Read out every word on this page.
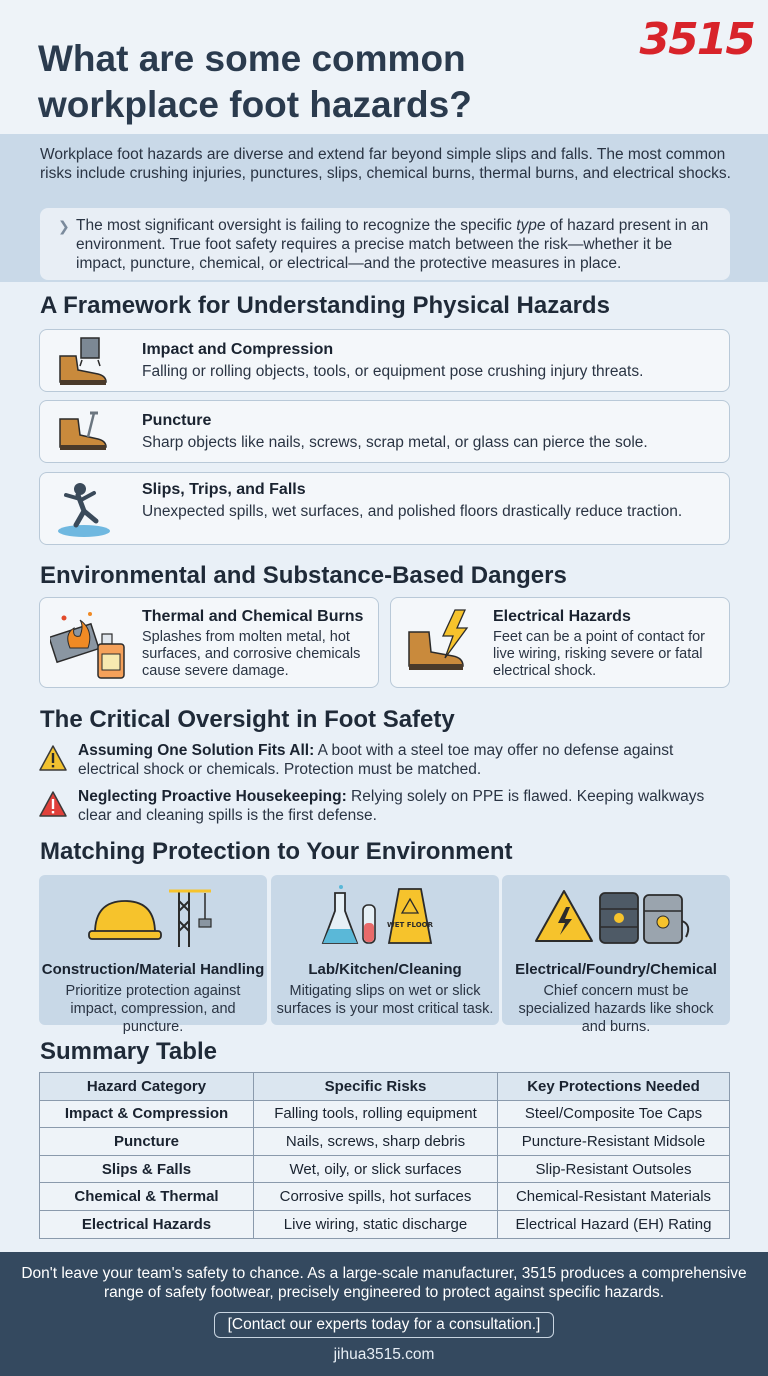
What are some common workplace foot hazards?
3515
Workplace foot hazards are diverse and extend far beyond simple slips and falls. The most common risks include crushing injuries, punctures, slips, chemical burns, thermal burns, and electrical shocks.
❯ The most significant oversight is failing to recognize the specific type of hazard present in an environment. True foot safety requires a precise match between the risk—whether it be impact, puncture, chemical, or electrical—and the protective measures in place.
A Framework for Understanding Physical Hazards
Impact and Compression
Falling or rolling objects, tools, or equipment pose crushing injury threats.
Puncture
Sharp objects like nails, screws, scrap metal, or glass can pierce the sole.
Slips, Trips, and Falls
Unexpected spills, wet surfaces, and polished floors drastically reduce traction.
Environmental and Substance-Based Dangers
Thermal and Chemical Burns
Splashes from molten metal, hot surfaces, and corrosive chemicals cause severe damage.
Electrical Hazards
Feet can be a point of contact for live wiring, risking severe or fatal electrical shock.
The Critical Oversight in Foot Safety
Assuming One Solution Fits All: A boot with a steel toe may offer no defense against electrical shock or chemicals. Protection must be matched.
Neglecting Proactive Housekeeping: Relying solely on PPE is flawed. Keeping walkways clear and cleaning spills is the first defense.
Matching Protection to Your Environment
Construction/Material Handling
Prioritize protection against impact, compression, and puncture.
WET FLOOR
Lab/Kitchen/Cleaning
Mitigating slips on wet or slick surfaces is your most critical task.
Electrical/Foundry/Chemical
Chief concern must be specialized hazards like shock and burns.
Summary Table
Hazard Category	Specific Risks	Key Protections Needed
Impact & Compression	Falling tools, rolling equipment	Steel/Composite Toe Caps
Puncture	Nails, screws, sharp debris	Puncture-Resistant Midsole
Slips & Falls	Wet, oily, or slick surfaces	Slip-Resistant Outsoles
Chemical & Thermal	Corrosive spills, hot surfaces	Chemical-Resistant Materials
Electrical Hazards	Live wiring, static discharge	Electrical Hazard (EH) Rating
Don't leave your team's safety to chance. As a large-scale manufacturer, 3515 produces a comprehensive range of safety footwear, precisely engineered to protect against specific hazards.
[Contact our experts today for a consultation.]
jihua3515.com
